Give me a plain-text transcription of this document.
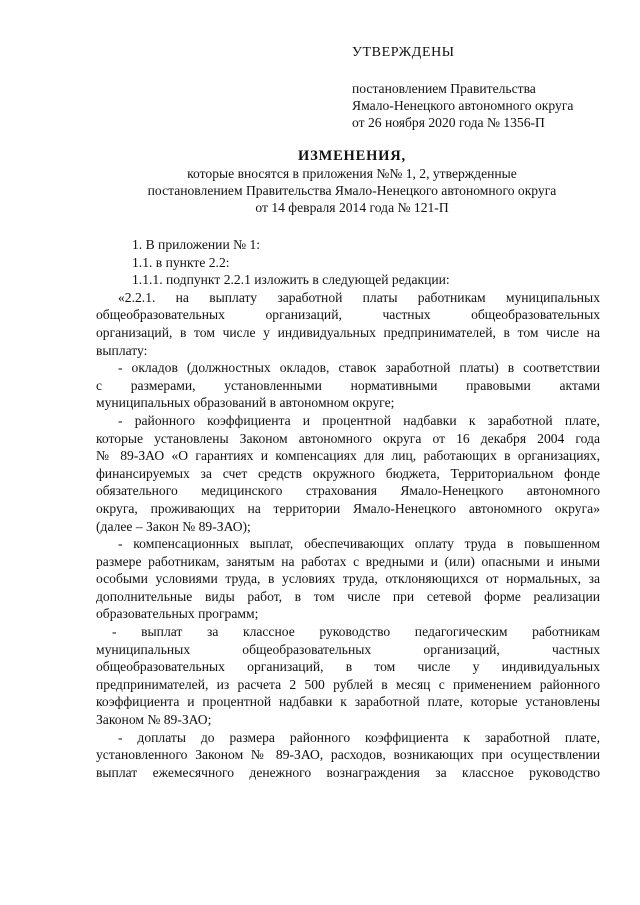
УТВЕРЖДЕНЫ
постановлением Правительства
Ямало-Ненецкого автономного округа
от 26 ноября 2020 года № 1356-П
ИЗМЕНЕНИЯ,
которые вносятся в приложения №№ 1, 2, утвержденные
постановлением Правительства Ямало-Ненецкого автономного округа
от 14 февраля 2014 года № 121-П
1. В приложении № 1:
1.1. в пункте 2.2:
1.1.1. подпункт 2.2.1 изложить в следующей редакции:
«2.2.1. на выплату заработной платы работникам муниципальных
общеобразовательных организаций, частных общеобразовательных
организаций, в том числе у индивидуальных предпринимателей, в том числе на
выплату:
- окладов (должностных окладов, ставок заработной платы) в соответствии
с размерами, установленными нормативными правовыми актами
муниципальных образований в автономном округе;
- районного коэффициента и процентной надбавки к заработной плате,
которые установлены Законом автономного округа от 16 декабря 2004 года
№ 89-ЗАО «О гарантиях и компенсациях для лиц, работающих в организациях,
финансируемых за счет средств окружного бюджета, Территориальном фонде
обязательного медицинского страхования Ямало-Ненецкого автономного
округа, проживающих на территории Ямало-Ненецкого автономного округа»
(далее – Закон № 89-ЗАО);
- компенсационных выплат, обеспечивающих оплату труда в повышенном
размере работникам, занятым на работах с вредными и (или) опасными и иными
особыми условиями труда, в условиях труда, отклоняющихся от нормальных, за
дополнительные виды работ, в том числе при сетевой форме реализации
образовательных программ;
- выплат за классное руководство педагогическим работникам
муниципальных общеобразовательных организаций, частных
общеобразовательных организаций, в том числе у индивидуальных
предпринимателей, из расчета 2 500 рублей в месяц с применением районного
коэффициента и процентной надбавки к заработной плате, которые установлены
Законом № 89-ЗАО;
- доплаты до размера районного коэффициента к заработной плате,
установленного Законом № 89-ЗАО, расходов, возникающих при осуществлении
выплат ежемесячного денежного вознаграждения за классное руководство
